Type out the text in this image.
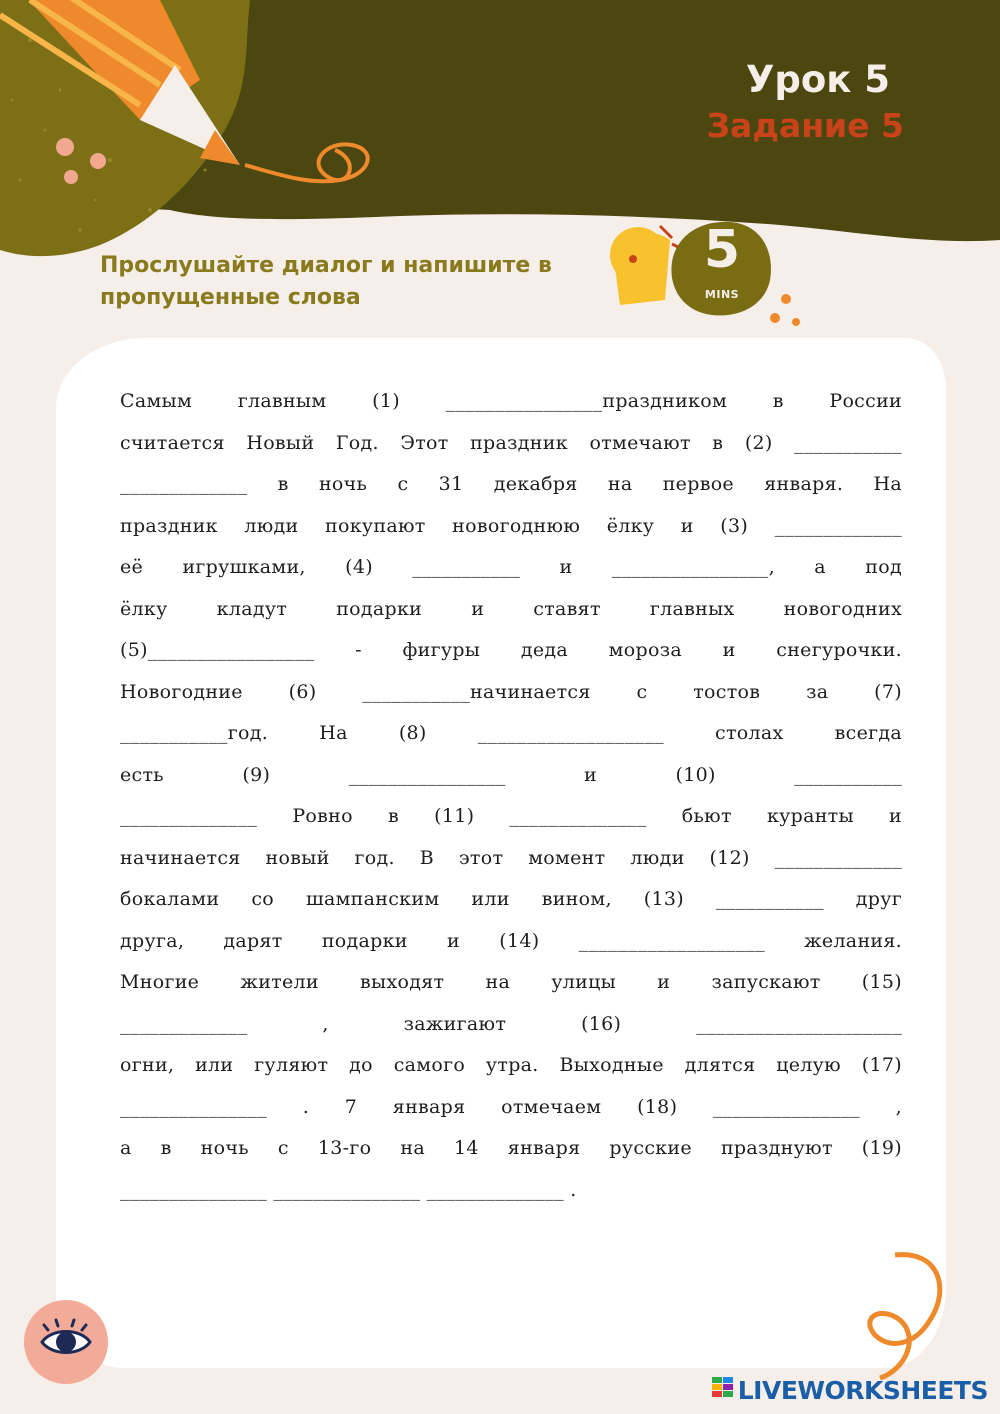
Урок 5
Задание 5
Прослушайте диалог и напишите в
пропущенные слова
5
MINS
Самым главным (1) ________________праздником в России
считается Новый Год. Этот праздник отмечают в (2) ___________
_____________ в ночь с 31 декабря на первое января. На
праздник люди покупают новогоднюю ёлку и (3) _____________
её игрушками, (4) ___________ и ________________, а под
ёлку кладут подарки и ставят главных новогодних
(5)_________________ - фигуры деда мороза и снегурочки.
Новогодние (6) ___________начинается с тостов за (7)
___________год. На (8) ___________________ столах всегда
есть (9) ________________ и (10) ___________
______________ Ровно в (11) ______________ бьют куранты и
начинается новый год. В этот момент люди (12) _____________
бокалами со шампанским или вином, (13) ___________ друг
друга, дарят подарки и (14) ___________________ желания.
Многие жители выходят на улицы и запускают (15)
_____________ , зажигают (16) _____________________
огни, или гуляют до самого утра. Выходные длятся целую (17)
_______________ . 7 января отмечаем (18) _______________ ,
а в ночь с 13-го на 14 января русские празднуют (19)
_______________ _______________ ______________ .
LIVEWORKSHEETS
